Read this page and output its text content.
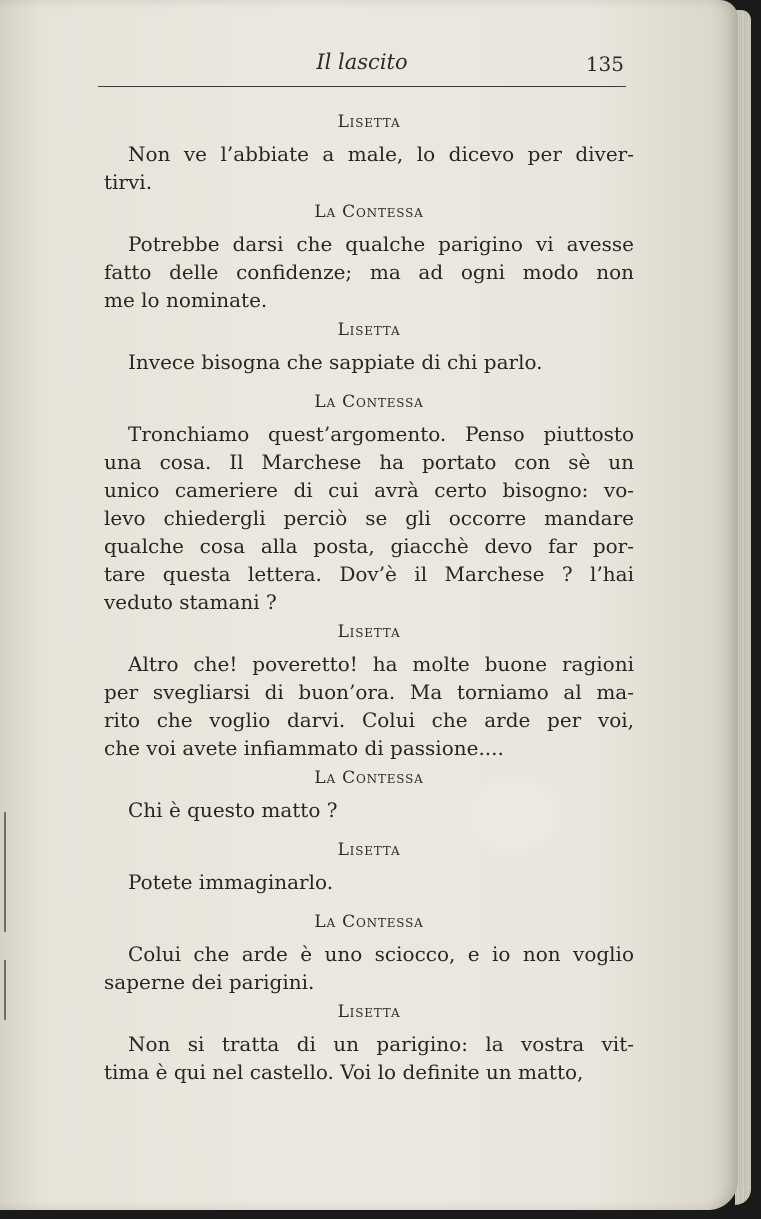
Il lascito	135
Lisetta
Non ve l’abbiate a male, lo dicevo per diver-
tirvi.
La Contessa
Potrebbe darsi che qualche parigino vi avesse
fatto delle confidenze; ma ad ogni modo non
me lo nominate.
Lisetta
Invece bisogna che sappiate di chi parlo.
La Contessa
Tronchiamo quest’argomento. Penso piuttosto
una cosa. Il Marchese ha portato con sè un
unico cameriere di cui avrà certo bisogno: vo-
levo chiedergli perciò se gli occorre mandare
qualche cosa alla posta, giacchè devo far por-
tare questa lettera. Dov’è il Marchese ? l’hai
veduto stamani ?
Lisetta
Altro che! poveretto! ha molte buone ragioni
per svegliarsi di buon’ora. Ma torniamo al ma-
rito che voglio darvi. Colui che arde per voi,
che voi avete infiammato di passione....
La Contessa
Chi è questo matto ?
Lisetta
Potete immaginarlo.
La Contessa
Colui che arde è uno sciocco, e io non voglio
saperne dei parigini.
Lisetta
Non si tratta di un parigino: la vostra vit-
tima è qui nel castello. Voi lo definite un matto,
